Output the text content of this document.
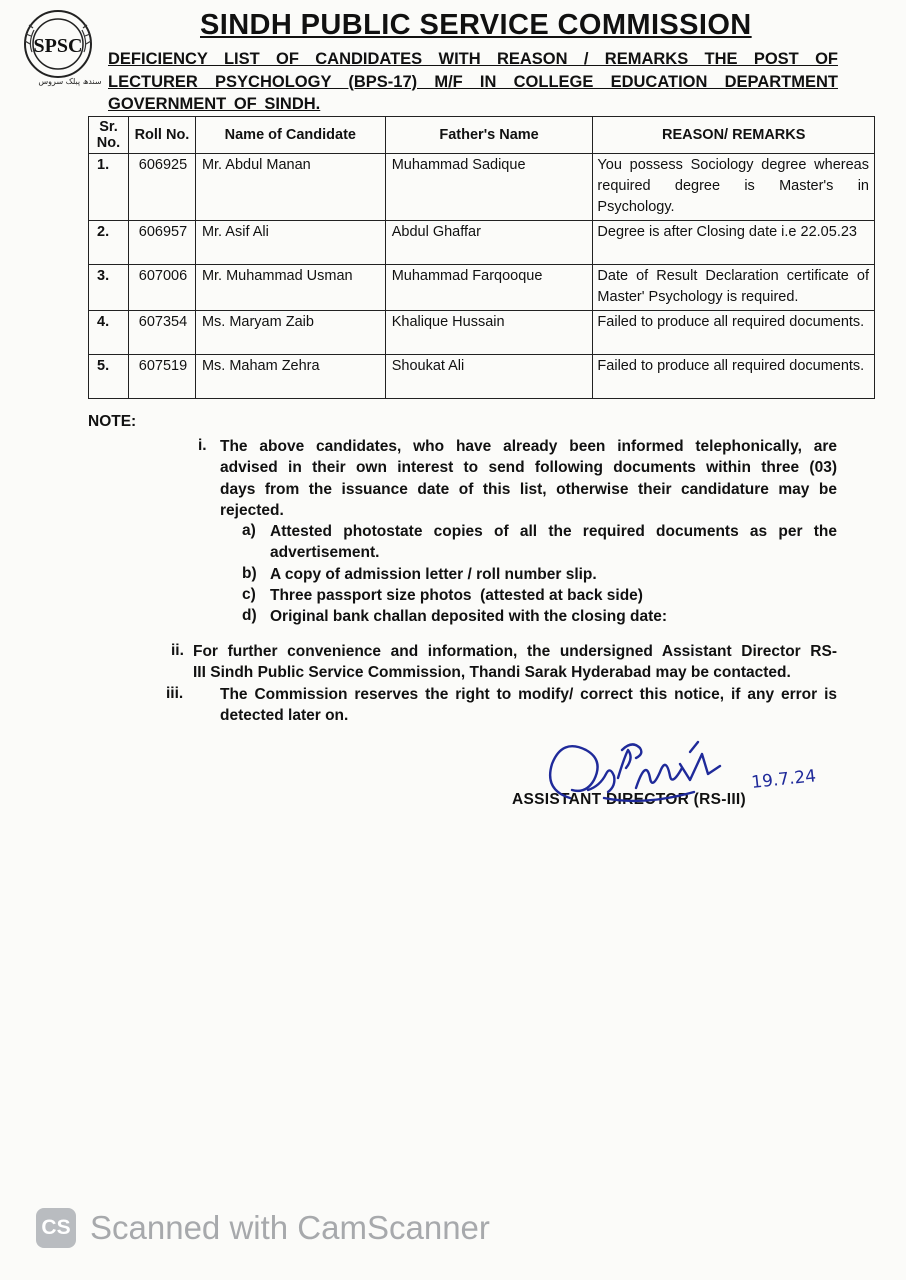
SPSC
سندھ پبلک سروس
SINDH PUBLIC SERVICE COMMISSION
DEFICIENCY LIST OF CANDIDATES WITH REASON / REMARKS THE POST OF
LECTURER PSYCHOLOGY (BPS-17) M/F IN COLLEGE EDUCATION DEPARTMENT
GOVERNMENT OF SINDH.
Sr. No.	Roll No.	Name of Candidate	Father's Name	REASON/ REMARKS
1.	606925	Mr. Abdul Manan	Muhammad Sadique	You possess Sociology degree whereas required degree is Master's in Psychology.
2.	606957	Mr. Asif Ali	Abdul Ghaffar	Degree is after Closing date i.e 22.05.23
3.	607006	Mr. Muhammad Usman	Muhammad Farqooque	Date of Result Declaration certificate of Master' Psychology is required.
4.	607354	Ms. Maryam Zaib	Khalique Hussain	Failed to produce all required documents.
5.	607519	Ms. Maham Zehra	Shoukat Ali	Failed to produce all required documents.
NOTE:
i. The above candidates, who have already been informed telephonically, are
advised in their own interest to send following documents within three (03)
days from the issuance date of this list, otherwise their candidature may be
rejected.
a) Attested photostate copies of all the required documents as per the
advertisement.
b) A copy of admission letter / roll number slip.
c) Three passport size photos  (attested at back side)
d) Original bank challan deposited with the closing date:
ii. For further convenience and information, the undersigned Assistant Director RS-
III Sindh Public Service Commission, Thandi Sarak Hyderabad may be contacted.
iii. The Commission reserves the right to modify/ correct this notice, if any error is
detected later on.
ASSISTANT DIRECTOR (RS-III)
19.7.24
CS Scanned with CamScanner
